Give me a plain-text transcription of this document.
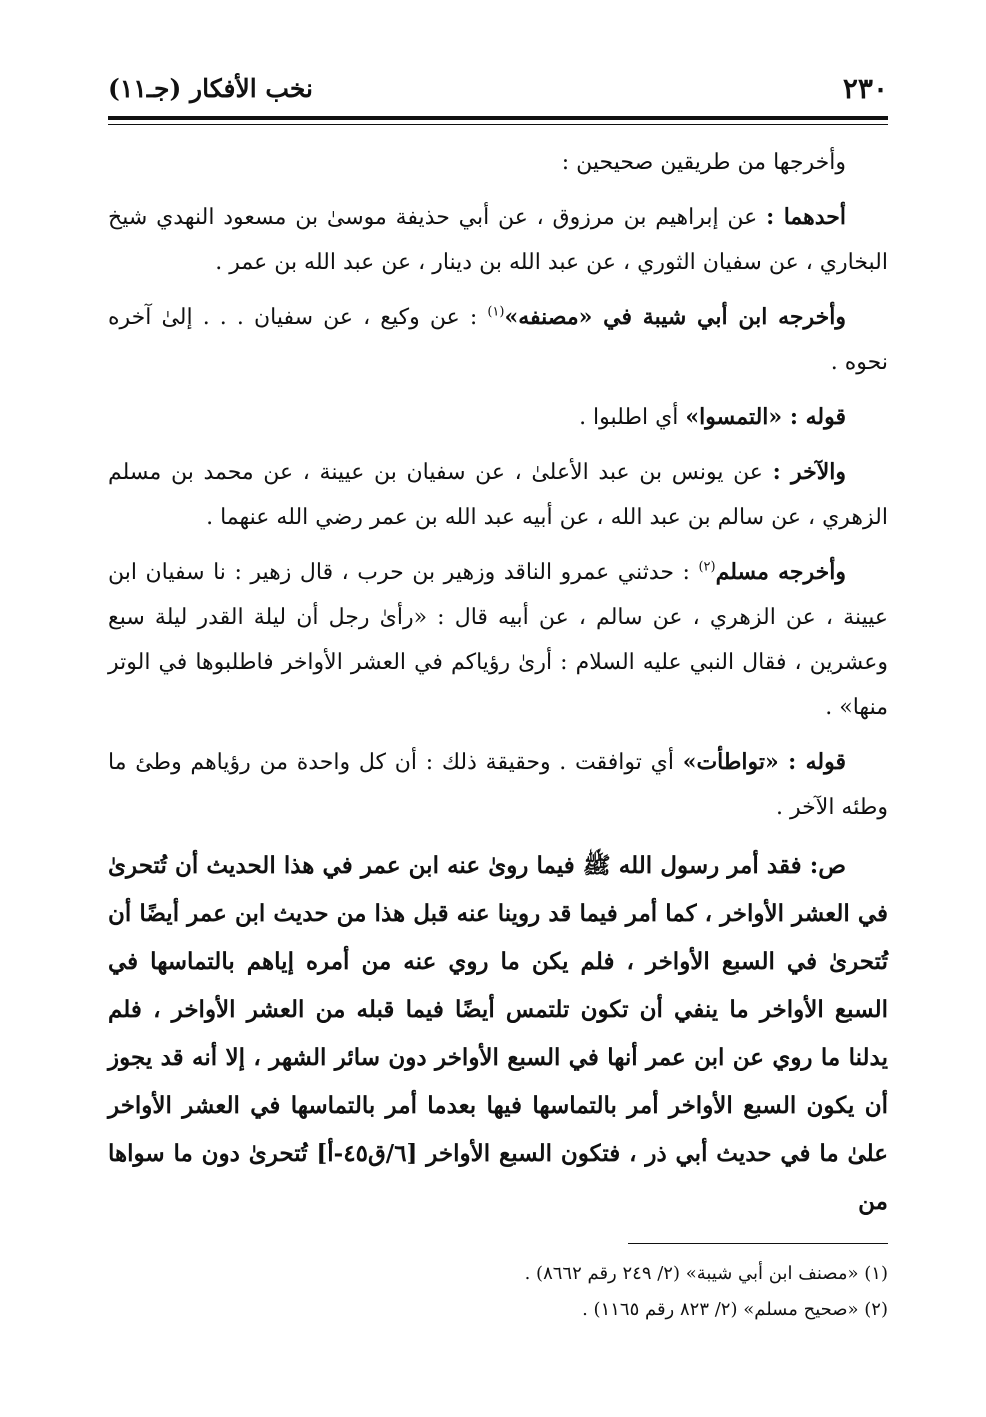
٢٣٠
نخب الأفكار (جـ١١)

وأخرجها من طريقين صحيحين :

أحدهما : عن إبراهيم بن مرزوق ، عن أبي حذيفة موسىٰ بن مسعود النهدي شيخ البخاري ، عن سفيان الثوري ، عن عبد الله بن دينار ، عن عبد الله بن عمر .

وأخرجه ابن أبي شيبة في «مصنفه»$^{(١)}$ : عن وكيع ، عن سفيان . . . إلىٰ آخره نحوه .

قوله : «التمسوا» أي اطلبوا .

والآخر : عن يونس بن عبد الأعلىٰ ، عن سفيان بن عيينة ، عن محمد بن مسلم الزهري ، عن سالم بن عبد الله ، عن أبيه عبد الله بن عمر رضي الله عنهما .

وأخرجه مسلم$^{(٢)}$ : حدثني عمرو الناقد وزهير بن حرب ، قال زهير : نا سفيان ابن عيينة ، عن الزهري ، عن سالم ، عن أبيه قال : «رأىٰ رجل أن ليلة القدر ليلة سبع وعشرين ، فقال النبي عليه السلام : أرىٰ رؤياكم في العشر الأواخر فاطلبوها في الوتر منها» .

قوله : «تواطأت» أي توافقت . وحقيقة ذلك : أن كل واحدة من رؤياهم وطئ ما وطئه الآخر .

ص: فقد أمر رسول الله ﷺ فيما روىٰ عنه ابن عمر في هذا الحديث أن تُتحرىٰ في العشر الأواخر ، كما أمر فيما قد روينا عنه قبل هذا من حديث ابن عمر أيضًا أن تُتحرىٰ في السبع الأواخر ، فلم يكن ما روي عنه من أمره إياهم بالتماسها في السبع الأواخر ما ينفي أن تكون تلتمس أيضًا فيما قبله من العشر الأواخر ، فلم يدلنا ما روي عن ابن عمر أنها في السبع الأواخر دون سائر الشهر ، إلا أنه قد يجوز أن يكون السبع الأواخر أمر بالتماسها فيها بعدما أمر بالتماسها في العشر الأواخر علىٰ ما في حديث أبي ذر ، فتكون السبع الأواخر [٦/ق٤٥-أ] تُتحرىٰ دون ما سواها من

(١) «مصنف ابن أبي شيبة» (٢/ ٢٤٩ رقم ٨٦٦٢) .

(٢) «صحيح مسلم» (٢/ ٨٢٣ رقم ١١٦٥) .
